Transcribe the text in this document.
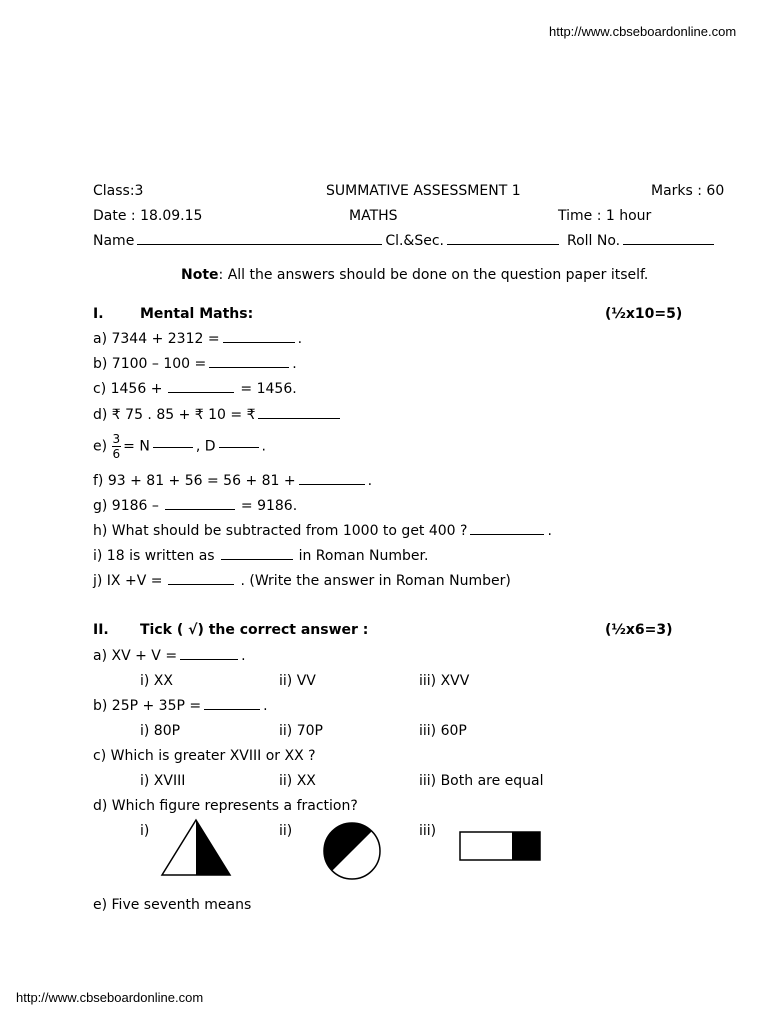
http://www.cbseboardonline.com
Class:3	SUMMATIVE ASSESSMENT 1	Marks : 60
Date : 18.09.15	MATHS	Time : 1 hour
Name	Cl.&Sec.	Roll No.
Note: All the answers should be done on the question paper itself.
I.	Mental Maths:	(½x10=5)
a) 7344 + 2312 =	.
b) 7100 – 100 =	.
c) 1456 +	= 1456.
d) ₹ 75 . 85 + ₹ 10 = ₹
$e) \frac{3}{6} = N$	, D	.
f) 93 + 81 + 56 = 56 + 81 +	.
g) 9186 –	= 9186.
h) What should be subtracted from 1000 to get 400 ?	.
i) 18 is written as	in Roman Number.
j) IX +V =	. (Write the answer in Roman Number)
II. Tick ( √) the correct answer :	(½x6=3)
a) XV + V =	.
i) XX	ii) VV	iii) XVV
b) 25P + 35P =	.
i) 80P	ii) 70P	iii) 60P
c) Which is greater XVIII or XX ?
i) XVIII	ii) XX	iii) Both are equal
d) Which figure represents a fraction?
i)	ii)	iii)
e) Five seventh means
http://www.cbseboardonline.com
